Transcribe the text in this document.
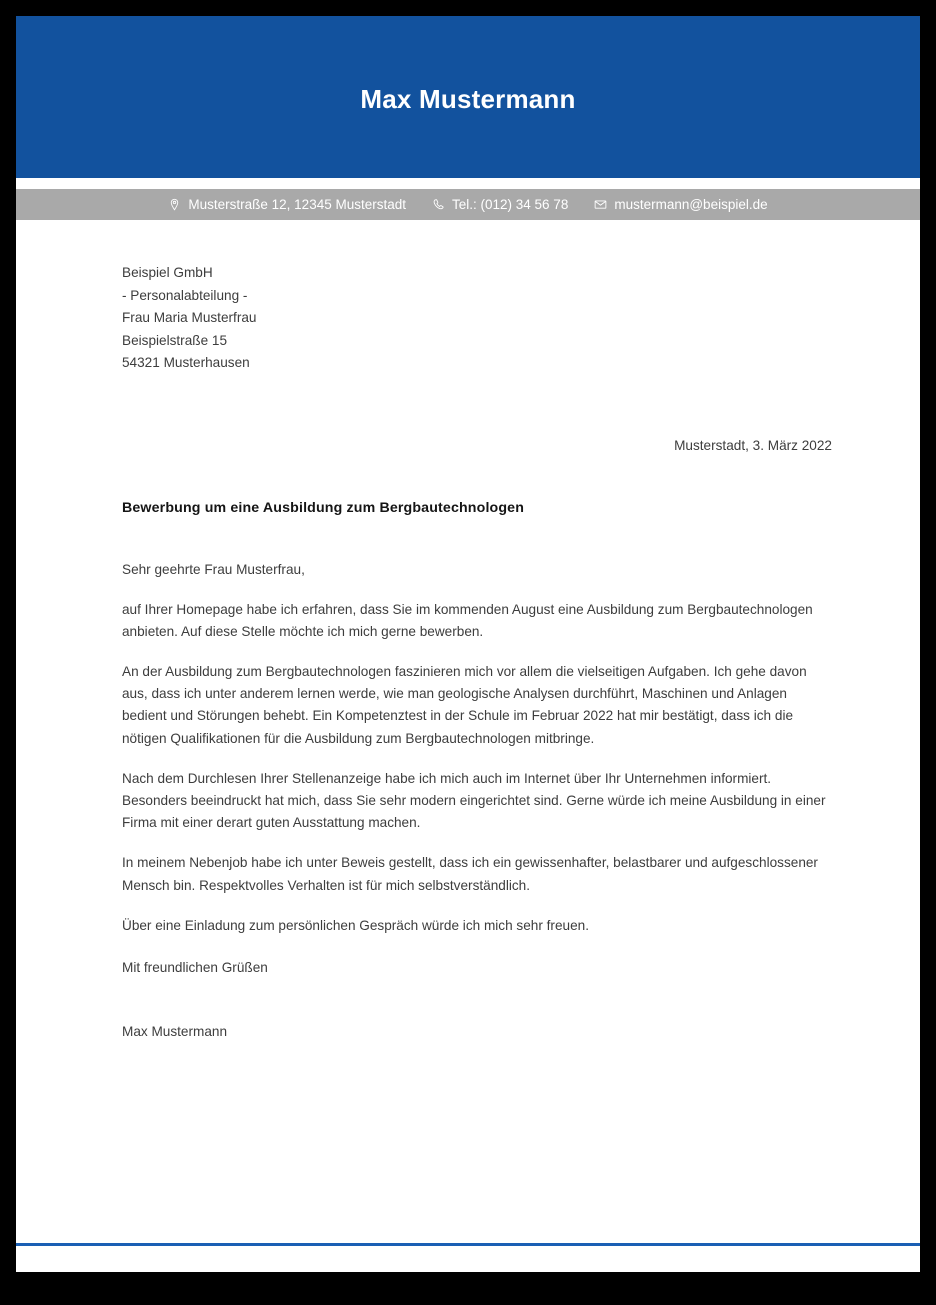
Max Mustermann
Musterstraße 12, 12345 Musterstadt	Tel.: (012) 34 56 78	mustermann@beispiel.de
Beispiel GmbH
- Personalabteilung -
Frau Maria Musterfrau
Beispielstraße 15
54321 Musterhausen
Musterstadt, 3. März 2022
Bewerbung um eine Ausbildung zum Bergbautechnologen
Sehr geehrte Frau Musterfrau,
auf Ihrer Homepage habe ich erfahren, dass Sie im kommenden August eine Ausbildung zum Bergbautechnologen anbieten. Auf diese Stelle möchte ich mich gerne bewerben.
An der Ausbildung zum Bergbautechnologen faszinieren mich vor allem die vielseitigen Aufgaben. Ich gehe davon aus, dass ich unter anderem lernen werde, wie man geologische Analysen durchführt, Maschinen und Anlagen bedient und Störungen behebt. Ein Kompetenztest in der Schule im Februar 2022 hat mir bestätigt, dass ich die nötigen Qualifikationen für die Ausbildung zum Bergbautechnologen mitbringe.
Nach dem Durchlesen Ihrer Stellenanzeige habe ich mich auch im Internet über Ihr Unternehmen informiert. Besonders beeindruckt hat mich, dass Sie sehr modern eingerichtet sind. Gerne würde ich meine Ausbildung in einer Firma mit einer derart guten Ausstattung machen.
In meinem Nebenjob habe ich unter Beweis gestellt, dass ich ein gewissenhafter, belastbarer und aufgeschlossener Mensch bin. Respektvolles Verhalten ist für mich selbstverständlich.
Über eine Einladung zum persönlichen Gespräch würde ich mich sehr freuen.
Mit freundlichen Grüßen
Max Mustermann
